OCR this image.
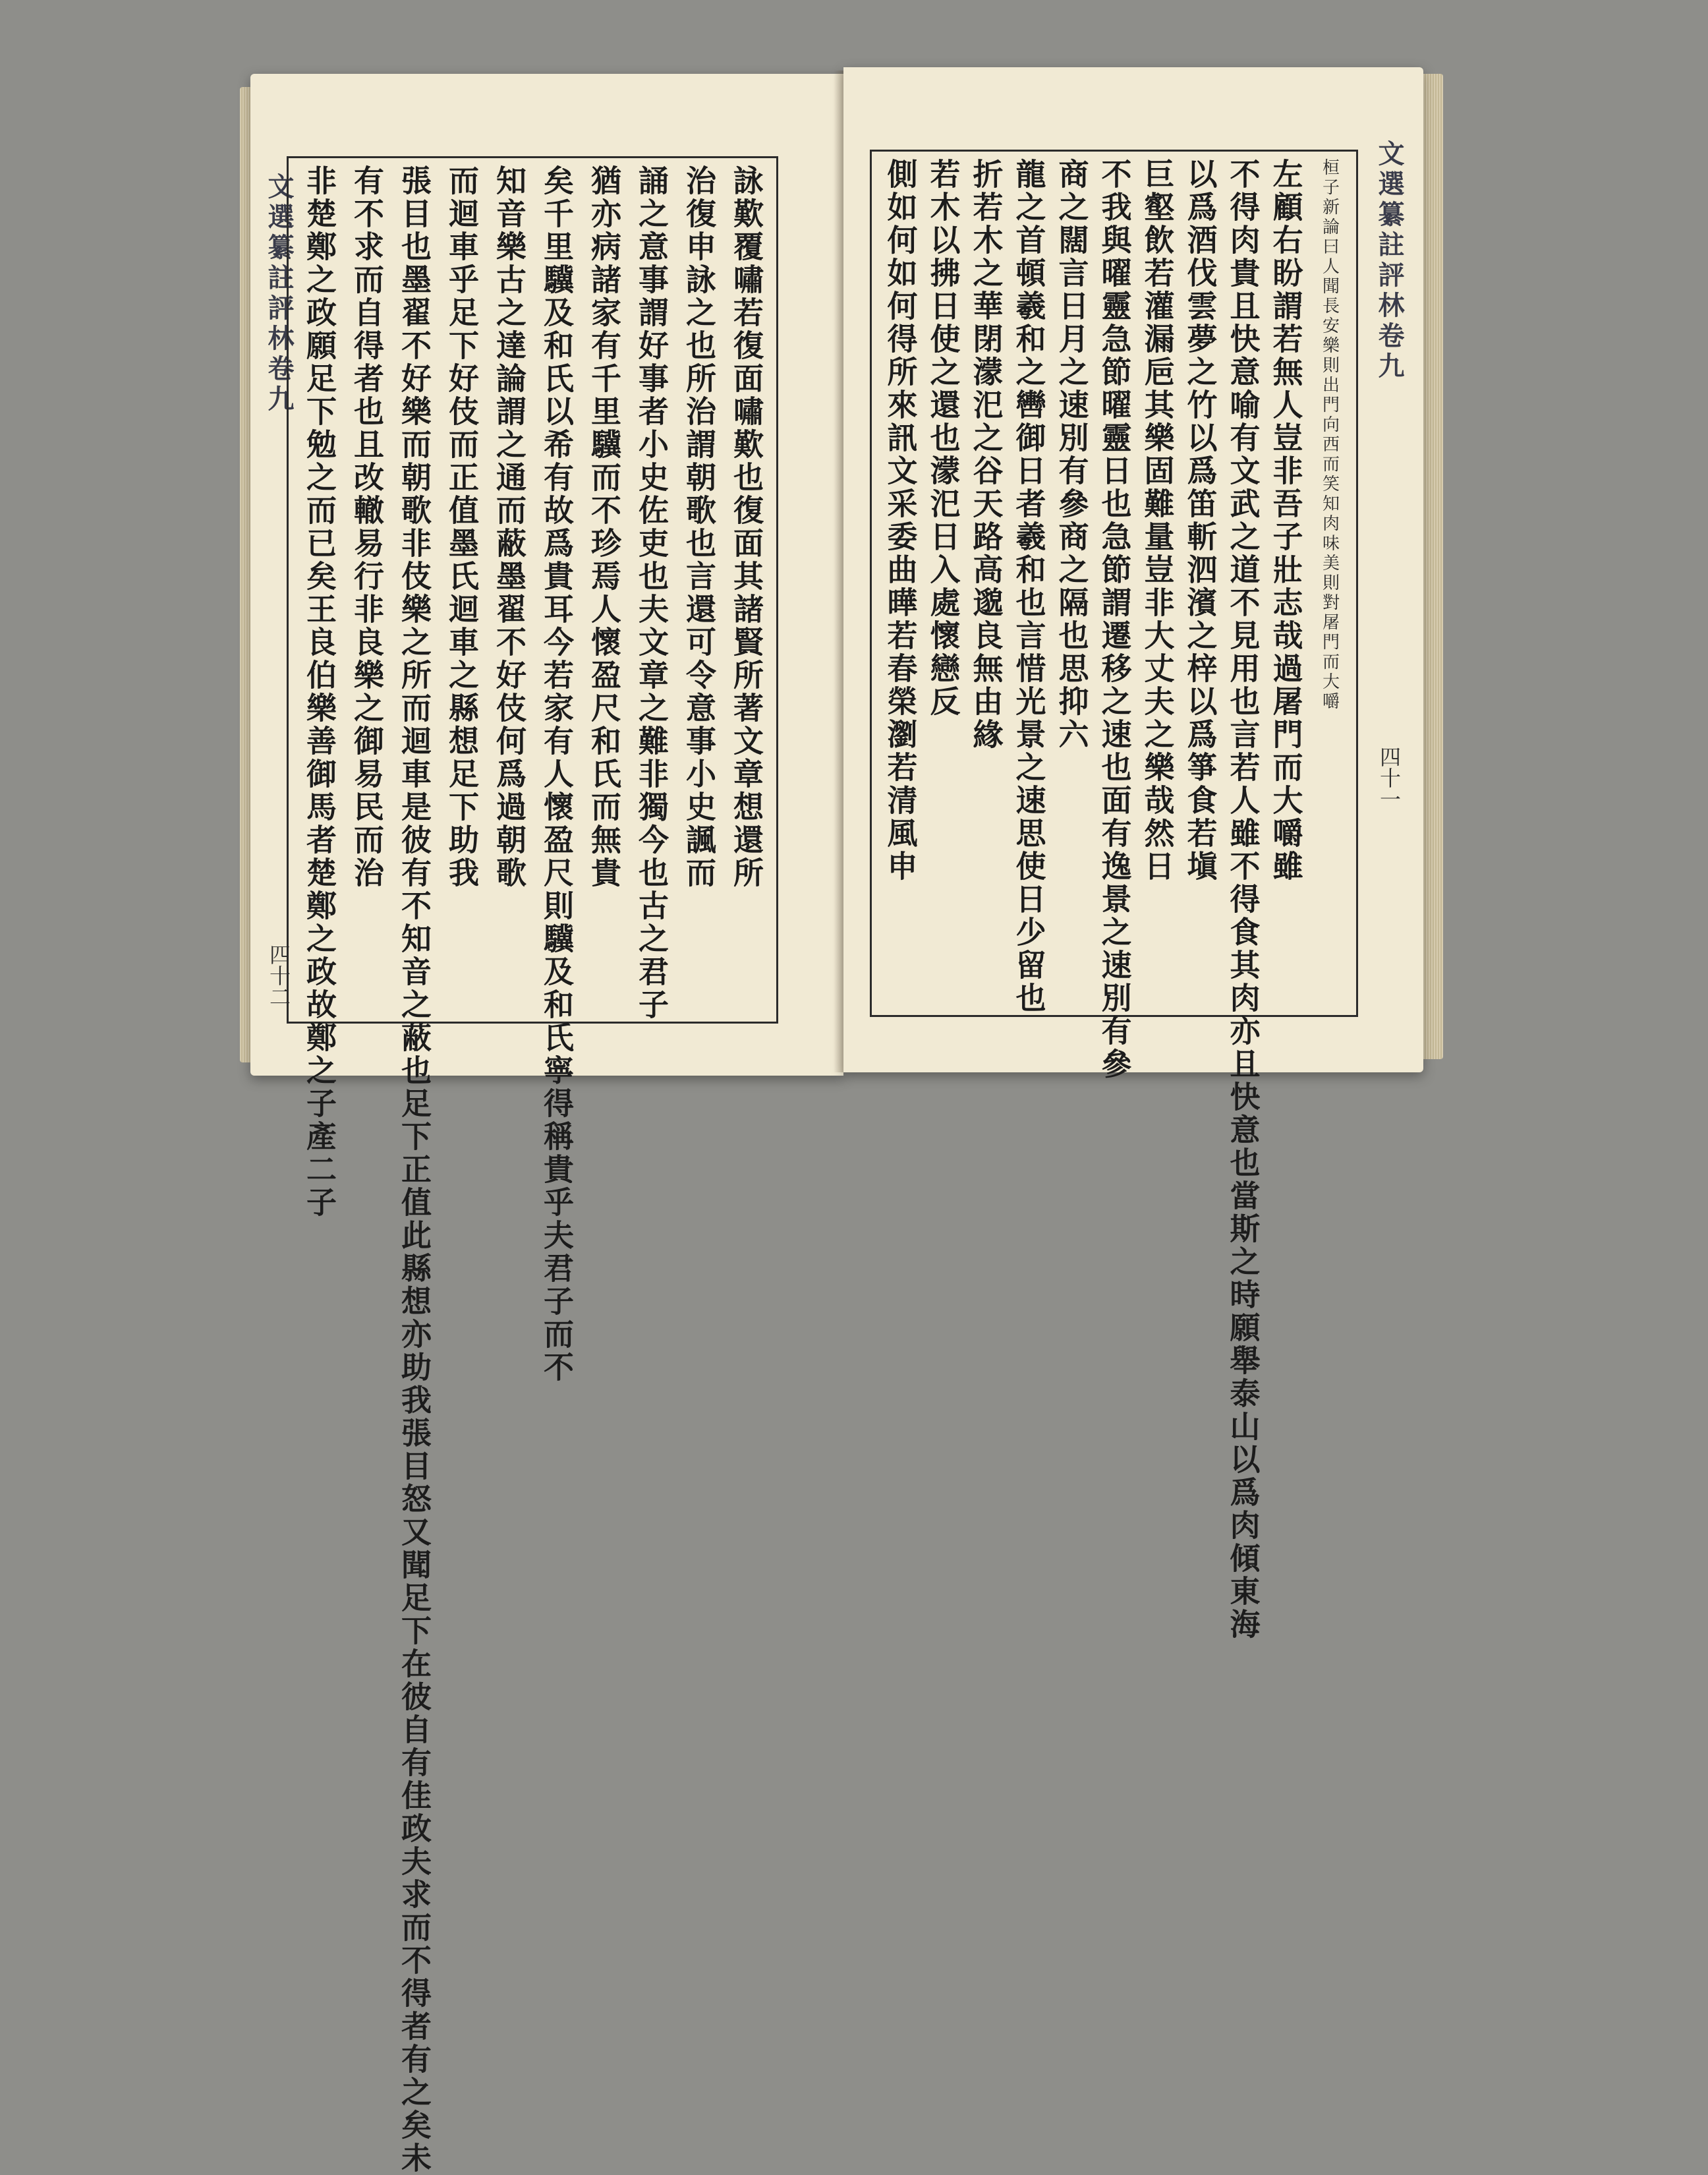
文選纂註評林卷九	詠歎覆嘯若復面嘯歎也復面其諸賢所著文章想還所
治復申詠之也所治謂朝歌也言還可令意事小史諷而
誦之意事謂好事者小史佐吏也夫文章之難非獨今也古之君子
猶亦病諸家有千里驥而不珍焉人懷盈尺和氏而無貴
矣千里驥及和氏以希有故爲貴耳今若家有人懷盈尺則驥及和氏寧得稱貴乎夫君子而不
知音樂古之達論謂之通而蔽墨翟不好伎何爲過朝歌
而迴車乎足下好伎而正值墨氏迴車之縣想足下助我
張目也墨翟不好樂而朝歌非伎樂之所而迴車是彼有不知音之蔽也足下正值此縣想亦助我張目怒又聞足下在彼自有佳政夫求而不得者有之矣未
有不求而自得者也且改轍易行非良樂之御易民而治
非楚鄭之政願足下勉之而已矣王良伯樂善御馬者楚鄭之政故鄭之子產二子
四十二
桓子新論曰人聞長安樂則出門向西而笑知肉味美則對屠門而大嚼
左顧右盼謂若無人豈非吾子壯志哉過屠門而大嚼雖
不得肉貴且快意喻有文武之道不見用也言若人雖不得食其肉亦且快意也當斯之時願舉泰山以爲肉傾東海
以爲酒伐雲夢之竹以爲笛斬泗濱之梓以爲箏食若塡
巨壑飲若灌漏巵其樂固難量豈非大丈夫之樂哉然日
不我與曜靈急節曜靈日也急節謂遷移之速也面有逸景之速別有參
商之闊言日月之速別有參商之隔也思抑六
龍之首頓羲和之轡御日者羲和也言惜光景之速思使日少留也
折若木之華閉濛汜之谷天路高邈良無由緣
若木以拂日使之還也濛汜日入處懷戀反
側如何如何得所來訊文采委曲曄若春榮瀏若清風申	文選纂註評林卷九
四十一
